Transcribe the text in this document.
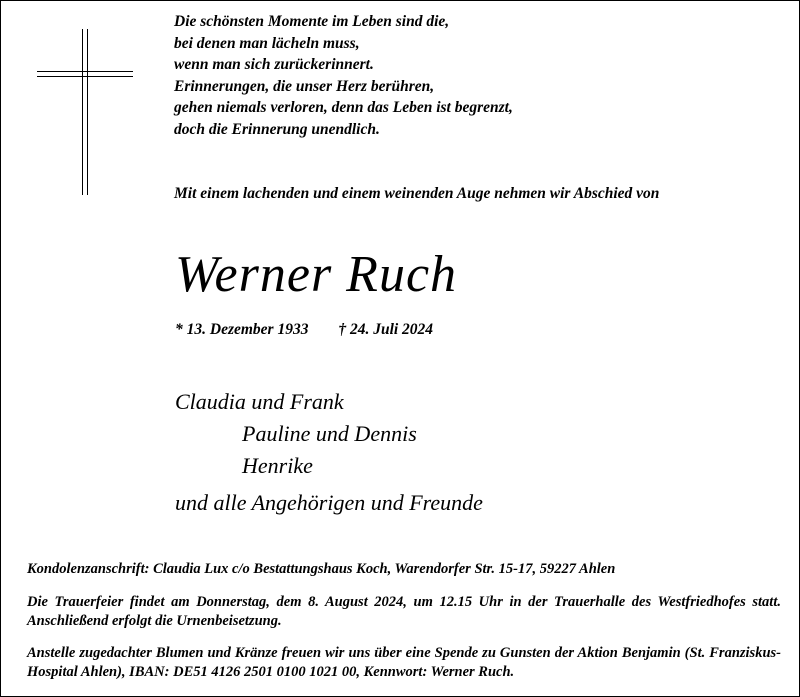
Die schönsten Momente im Leben sind die,
bei denen man lächeln muss,
wenn man sich zurückerinnert.
Erinnerungen, die unser Herz berühren,
gehen niemals verloren, denn das Leben ist begrenzt,
doch die Erinnerung unendlich.
Mit einem lachenden und einem weinenden Auge nehmen wir Abschied von
Werner Ruch
* 13. Dezember 1933 † 24. Juli 2024
Claudia und Frank
Pauline und Dennis
Henrike
und alle Angehörigen und Freunde
Kondolenzanschrift: Claudia Lux c/o Bestattungshaus Koch, Warendorfer Str. 15-17, 59227 Ahlen
Die Trauerfeier findet am Donnerstag, dem 8. August 2024, um 12.15 Uhr in der Trauerhalle des Westfriedhofes statt. Anschließend erfolgt die Urnenbeisetzung.
Anstelle zugedachter Blumen und Kränze freuen wir uns über eine Spende zu Gunsten der Aktion Benjamin (St. Franziskus-Hospital Ahlen), IBAN: DE51 4126 2501 0100 1021 00, Kennwort: Werner Ruch.
